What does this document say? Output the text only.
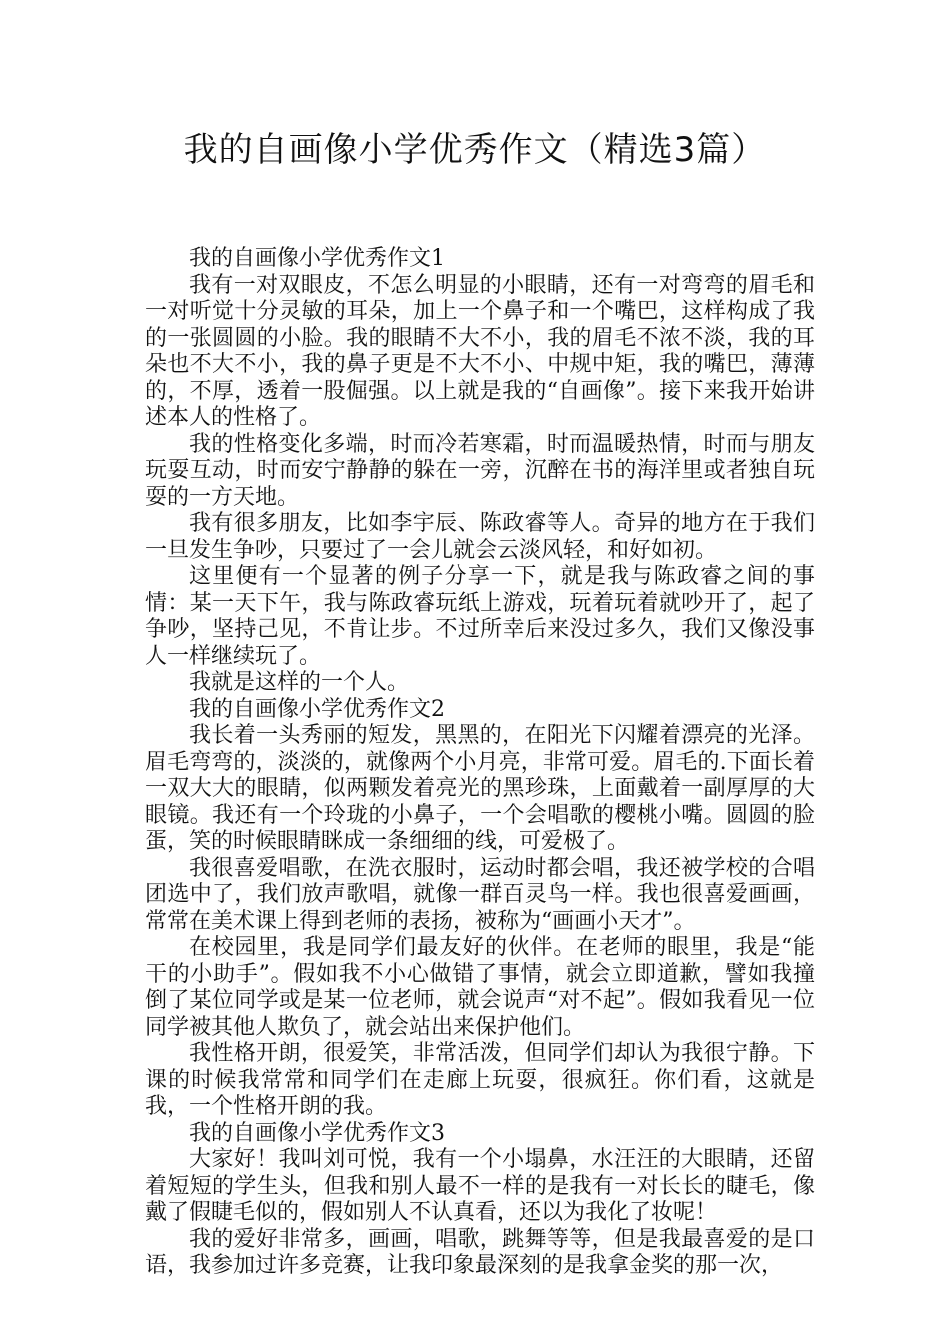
我的自画像小学优秀作文（精选3篇）

我的自画像小学优秀作文1

我有一对双眼皮，不怎么明显的小眼睛，还有一对弯弯的眉毛和一对听觉十分灵敏的耳朵，加上一个鼻子和一个嘴巴，这样构成了我的一张圆圆的小脸。我的眼睛不大不小，我的眉毛不浓不淡，我的耳朵也不大不小，我的鼻子更是不大不小、中规中矩，我的嘴巴，薄薄的，不厚，透着一股倔强。以上就是我的“自画像”。接下来我开始讲述本人的性格了。

我的性格变化多端，时而冷若寒霜，时而温暖热情，时而与朋友玩耍互动，时而安宁静静的躲在一旁，沉醉在书的海洋里或者独自玩耍的一方天地。

我有很多朋友，比如李宇辰、陈政睿等人。奇异的地方在于我们一旦发生争吵，只要过了一会儿就会云淡风轻，和好如初。

这里便有一个显著的例子分享一下，就是我与陈政睿之间的事情：某一天下午，我与陈政睿玩纸上游戏，玩着玩着就吵开了，起了争吵，坚持己见，不肯让步。不过所幸后来没过多久，我们又像没事人一样继续玩了。

我就是这样的一个人。

我的自画像小学优秀作文2

我长着一头秀丽的短发，黑黑的，在阳光下闪耀着漂亮的光泽。眉毛弯弯的，淡淡的，就像两个小月亮，非常可爱。眉毛的.下面长着一双大大的眼睛，似两颗发着亮光的黑珍珠，上面戴着一副厚厚的大眼镜。我还有一个玲珑的小鼻子，一个会唱歌的樱桃小嘴。圆圆的脸蛋，笑的时候眼睛眯成一条细细的线，可爱极了。

我很喜爱唱歌，在洗衣服时，运动时都会唱，我还被学校的合唱团选中了，我们放声歌唱，就像一群百灵鸟一样。我也很喜爱画画，常常在美术课上得到老师的表扬，被称为“画画小天才”。

在校园里，我是同学们最友好的伙伴。在老师的眼里，我是“能干的小助手”。假如我不小心做错了事情，就会立即道歉，譬如我撞倒了某位同学或是某一位老师，就会说声“对不起”。假如我看见一位同学被其他人欺负了，就会站出来保护他们。

我性格开朗，很爱笑，非常活泼，但同学们却认为我很宁静。下课的时候我常常和同学们在走廊上玩耍，很疯狂。你们看，这就是我，一个性格开朗的我。

我的自画像小学优秀作文3

大家好！我叫刘可悦，我有一个小塌鼻，水汪汪的大眼睛，还留着短短的学生头，但我和别人最不一样的是我有一对长长的睫毛，像戴了假睫毛似的，假如别人不认真看，还以为我化了妆呢！

我的爱好非常多，画画，唱歌，跳舞等等，但是我最喜爱的是口语，我参加过许多竞赛，让我印象最深刻的是我拿金奖的那一次，
